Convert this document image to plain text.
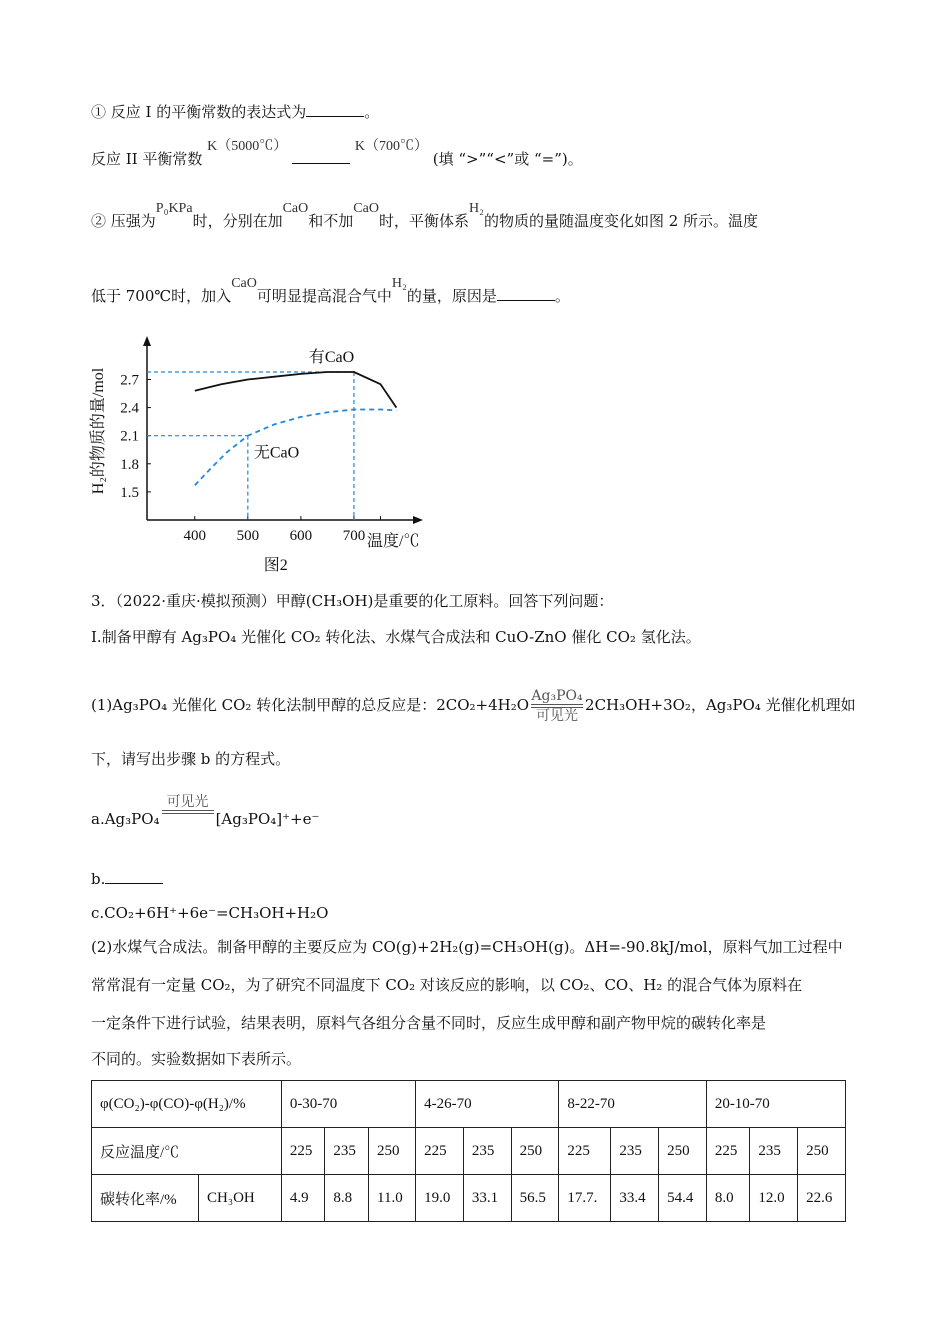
① 反应 I 的平衡常数的表达式为	。
反应 II 平衡常数 K（5000℃）	K（700℃） (填 “>”“<”或 “=”)。
② 压强为P₀KPa时，分别在加CaO和不加CaO时，平衡体系H₂的物质的量随温度变化如图 2 所示。温度
低于 700℃时，加入CaO可明显提高混合气中H₂的量，原因是	。
400 500 600 700
1.5
1.8
2.1
2.4
2.7
温度/℃
H₂的物质的量/mol
图2
有CaO
无CaO
3．（2022·重庆·模拟预测）甲醇(CH₃OH)是重要的化工原料。回答下列问题：
I.制备甲醇有 Ag₃PO₄ 光催化 CO₂ 转化法、水煤气合成法和 CuO-ZnO 催化 CO₂ 氢化法。
(1)Ag₃PO₄ 光催化 CO₂ 转化法制甲醇的总反应是：2CO₂+4H₂O Ag₃PO₄
可见光
2CH₃OH+3O₂，Ag₃PO₄ 光催化机理如
下，请写出步骤 b 的方程式。
a.Ag₃PO₄
可见光
[Ag₃PO₄]⁺+e⁻
b.
c.CO₂+6H⁺+6e⁻=CH₃OH+H₂O
(2)水煤气合成法。制备甲醇的主要反应为 CO(g)+2H₂(g)=CH₃OH(g)。ΔH=-90.8kJ/mol，原料气加工过程中
常常混有一定量 CO₂，为了研究不同温度下 CO₂ 对该反应的影响，以 CO₂、CO、H₂ 的混合气体为原料在
一定条件下进行试验，结果表明，原料气各组分含量不同时，反应生成甲醇和副产物甲烷的碳转化率是
不同的。实验数据如下表所示。
φ(CO₂)-φ(CO)-φ(H₂)/%		0-30-70			4-26-70			8-22-70			20-10-70		
反应温度/℃		225	235	250	225	235	250	225	235	250	225	235	250
碳转化率/%	CH₃OH	4.9	8.8	11.0	19.0	33.1	56.5	17.7.	33.4	54.4	8.0	12.0	22.6
